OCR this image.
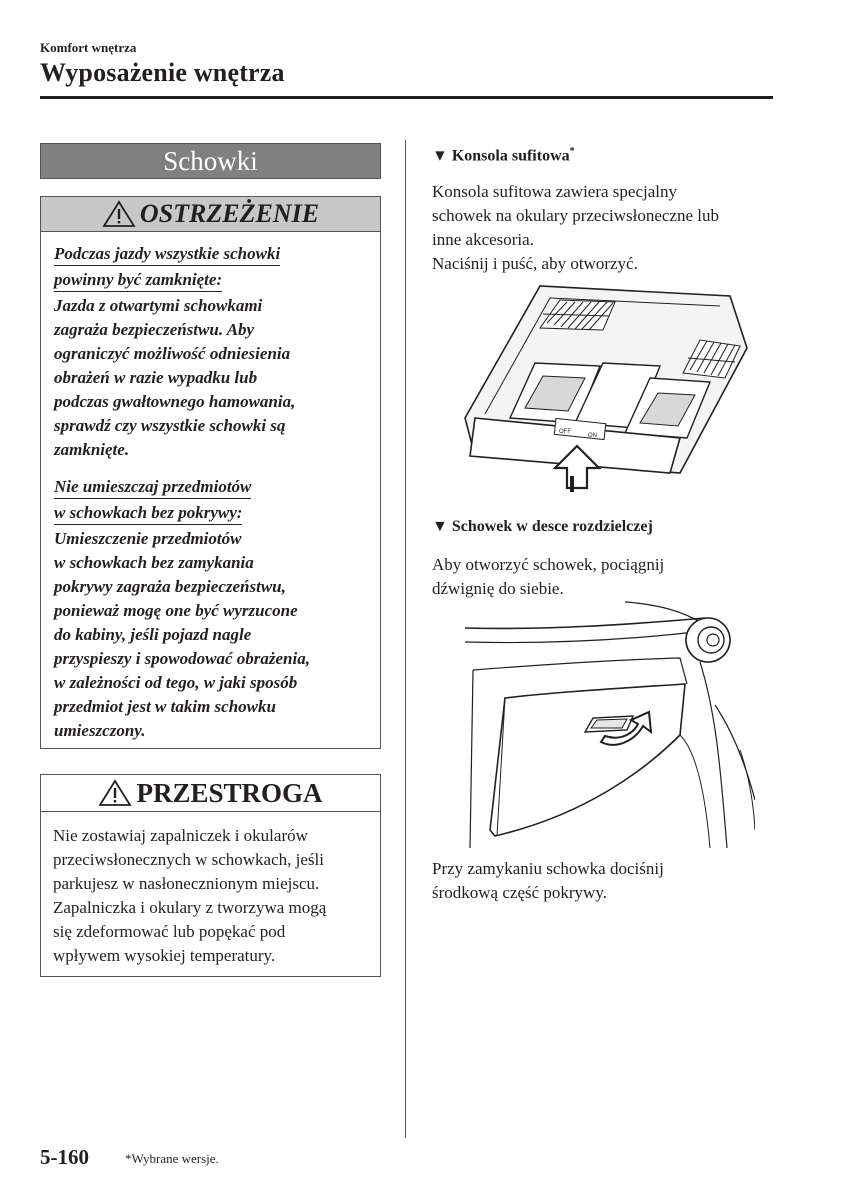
Komfort wnętrza
Wyposażenie wnętrza
Schowki
OSTRZEŻENIE
Podczas jazdy wszystkie schowki
powinny być zamknięte:
Jazda z otwartymi schowkami
zagraża bezpieczeństwu. Aby
ograniczyć możliwość odniesienia
obrażeń w razie wypadku lub
podczas gwałtownego hamowania,
sprawdź czy wszystkie schowki są
zamknięte.
Nie umieszczaj przedmiotów
w schowkach bez pokrywy:
Umieszczenie przedmiotów
w schowkach bez zamykania
pokrywy zagraża bezpieczeństwu,
ponieważ mogę one być wyrzucone
do kabiny, jeśli pojazd nagle
przyspieszy i spowodować obrażenia,
w zależności od tego, w jaki sposób
przedmiot jest w takim schowku
umieszczony.
PRZESTROGA
Nie zostawiaj zapalniczek i okularów
przeciwsłonecznych w schowkach, jeśli
parkujesz w nasłonecznionym miejscu.
Zapalniczka i okulary z tworzywa mogą
się zdeformować lub popękać pod
wpływem wysokiej temperatury.
▼ Konsola sufitowa*
Konsola sufitowa zawiera specjalny
schowek na okulary przeciwsłoneczne lub
inne akcesoria.
Naciśnij i puść, aby otworzyć.
OFF
ON
▼ Schowek w desce rozdzielczej
Aby otworzyć schowek, pociągnij
dźwignię do siebie.
Przy zamykaniu schowka dociśnij
środkową część pokrywy.
5-160	*Wybrane wersje.
